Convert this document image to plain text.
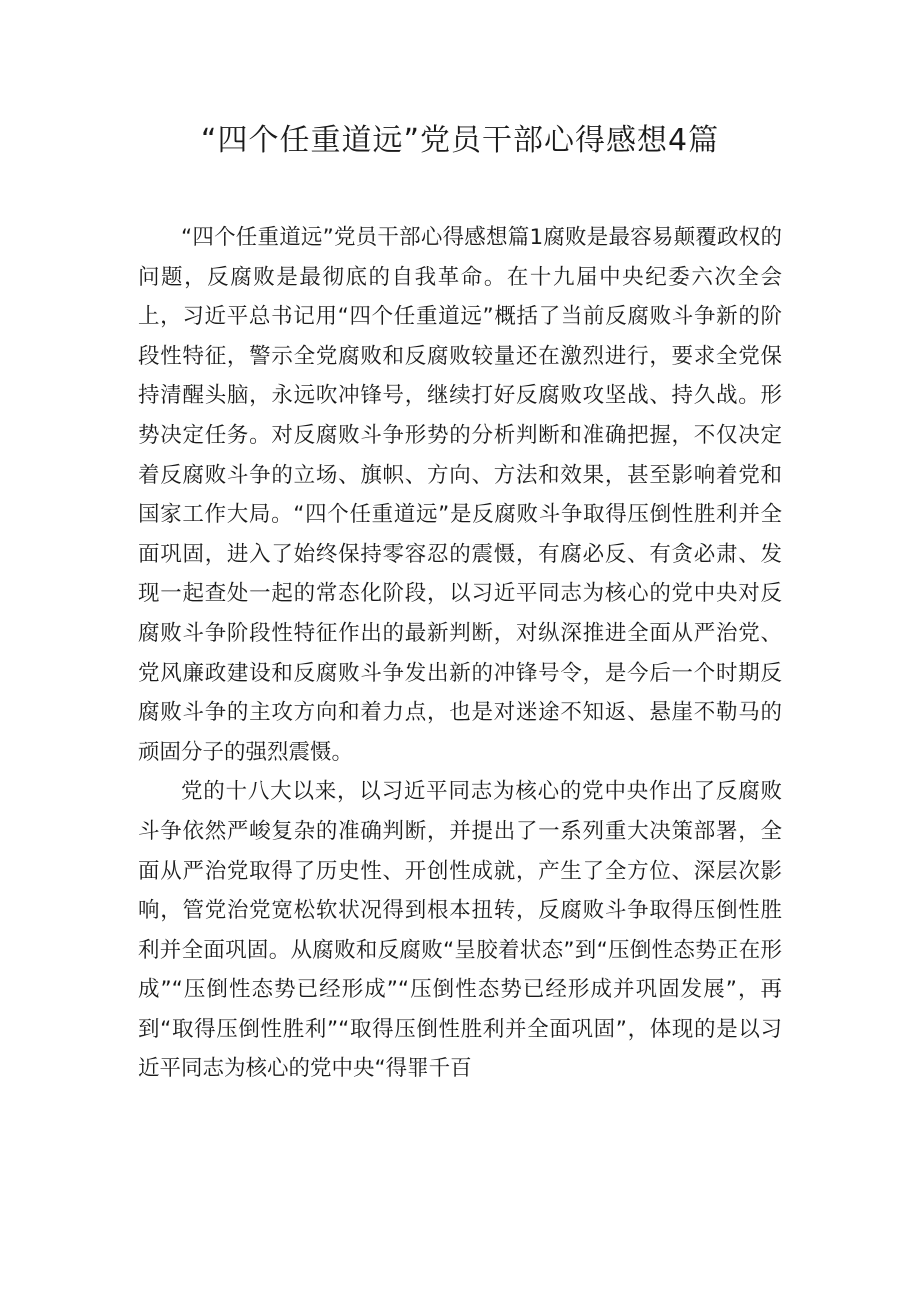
“四个任重道远”党员干部心得感想4篇

“四个任重道远”党员干部心得感想篇1腐败是最容易颠覆政权的问题，反腐败是最彻底的自我革命。在十九届中央纪委六次全会上，习近平总书记用“四个任重道远”概括了当前反腐败斗争新的阶段性特征，警示全党腐败和反腐败较量还在激烈进行，要求全党保持清醒头脑，永远吹冲锋号，继续打好反腐败攻坚战、持久战。形势决定任务。对反腐败斗争形势的分析判断和准确把握，不仅决定着反腐败斗争的立场、旗帜、方向、方法和效果，甚至影响着党和国家工作大局。“四个任重道远”是反腐败斗争取得压倒性胜利并全面巩固，进入了始终保持零容忍的震慑，有腐必反、有贪必肃、发现一起查处一起的常态化阶段，以习近平同志为核心的党中央对反腐败斗争阶段性特征作出的最新判断，对纵深推进全面从严治党、党风廉政建设和反腐败斗争发出新的冲锋号令，是今后一个时期反腐败斗争的主攻方向和着力点，也是对迷途不知返、悬崖不勒马的顽固分子的强烈震慑。

党的十八大以来，以习近平同志为核心的党中央作出了反腐败斗争依然严峻复杂的准确判断，并提出了一系列重大决策部署，全面从严治党取得了历史性、开创性成就，产生了全方位、深层次影响，管党治党宽松软状况得到根本扭转，反腐败斗争取得压倒性胜利并全面巩固。从腐败和反腐败“呈胶着状态”到“压倒性态势正在形成”“压倒性态势已经形成”“压倒性态势已经形成并巩固发展”，再到“取得压倒性胜利”“取得压倒性胜利并全面巩固”，体现的是以习近平同志为核心的党中央“得罪千百
